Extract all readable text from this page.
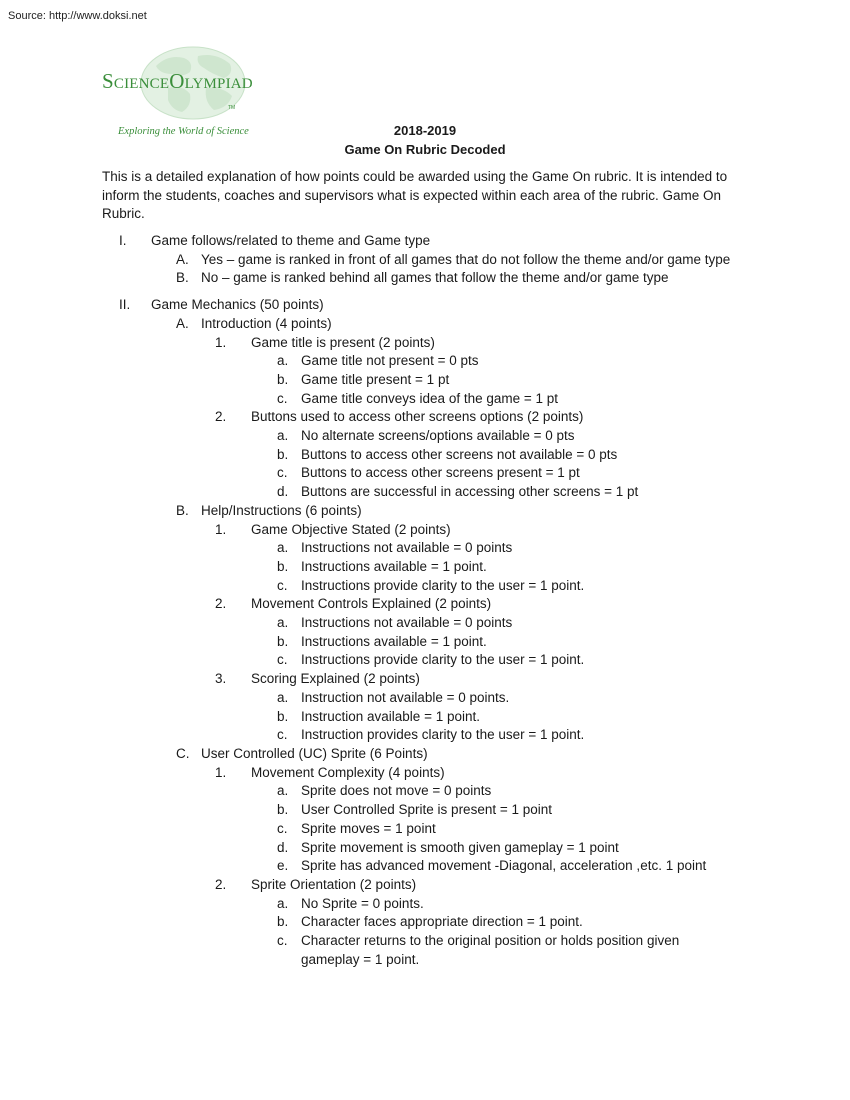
Source: http://www.doksi.net
ScienceOlympiad
TM
Exploring the World of Science	2018-2019
Game On Rubric Decoded
This is a detailed explanation of how points could be awarded using the Game On rubric. It is intended to inform the students, coaches and supervisors what is expected within each area of the rubric. Game On Rubric.
I. Game follows/related to theme and Game type
A. Yes – game is ranked in front of all games that do not follow the theme and/or game type
B. No – game is ranked behind all games that follow the theme and/or game type
II. Game Mechanics (50 points)
A. Introduction (4 points)
1. Game title is present (2 points)
a. Game title not present = 0 pts
b. Game title present = 1 pt
c. Game title conveys idea of the game = 1 pt
2. Buttons used to access other screens options (2 points)
a. No alternate screens/options available = 0 pts
b. Buttons to access other screens not available = 0 pts
c. Buttons to access other screens present = 1 pt
d. Buttons are successful in accessing other screens = 1 pt
B. Help/Instructions (6 points)
1. Game Objective Stated (2 points)
a. Instructions not available = 0 points
b. Instructions available = 1 point.
c. Instructions provide clarity to the user = 1 point.
2. Movement Controls Explained (2 points)
a. Instructions not available = 0 points
b. Instructions available = 1 point.
c. Instructions provide clarity to the user = 1 point.
3. Scoring Explained (2 points)
a. Instruction not available = 0 points.
b. Instruction available = 1 point.
c. Instruction provides clarity to the user = 1 point.
C. User Controlled (UC) Sprite (6 Points)
1. Movement Complexity (4 points)
a. Sprite does not move = 0 points
b. User Controlled Sprite is present = 1 point
c. Sprite moves = 1 point
d. Sprite movement is smooth given gameplay = 1 point
e. Sprite has advanced movement -Diagonal, acceleration ,etc. 1 point
2. Sprite Orientation (2 points)
a. No Sprite = 0 points.
b. Character faces appropriate direction = 1 point.
c. Character returns to the original position or holds position given gameplay = 1 point.
